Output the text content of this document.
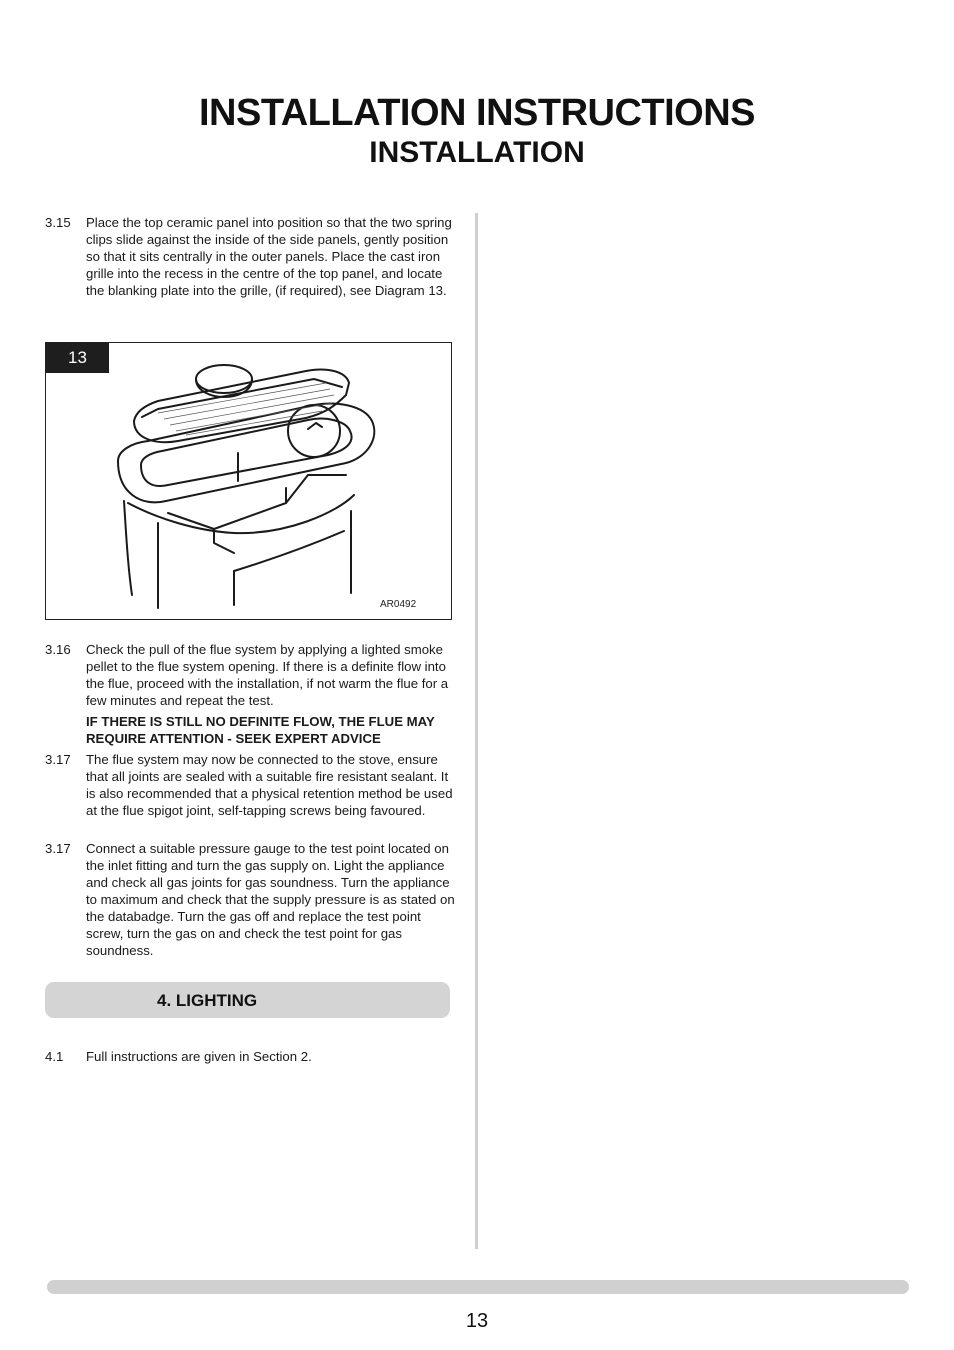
INSTALLATION INSTRUCTIONS
INSTALLATION
3.15	Place the top ceramic panel into position so that the two spring clips slide against the inside of the side panels, gently position so that it sits centrally in the outer panels. Place the cast iron grille into the recess in the centre of the top panel, and locate the blanking plate into the grille, (if required), see Diagram 13.
13
AR0492
3.16	Check the pull of the flue system by applying a lighted smoke pellet to the flue system opening. If there is a definite flow into the flue, proceed with the installation, if not warm the flue for a few minutes and repeat the test.
IF THERE IS STILL NO DEFINITE FLOW, THE FLUE MAY REQUIRE ATTENTION - SEEK EXPERT ADVICE
3.17	The flue system may now be connected to the stove, ensure that all joints are sealed with a suitable fire resistant sealant. It is also recommended that a physical retention method be used at the flue spigot joint, self-tapping screws being favoured.
3.17	Connect a suitable pressure gauge to the test point located on the inlet fitting and turn the gas supply on. Light the appliance and check all gas joints for gas soundness. Turn the appliance to maximum and check that the supply pressure is as stated on the databadge. Turn the gas off and replace the test point screw, turn the gas on and check the test point for gas soundness.
4. LIGHTING
4.1	Full instructions are given in Section 2.
13
